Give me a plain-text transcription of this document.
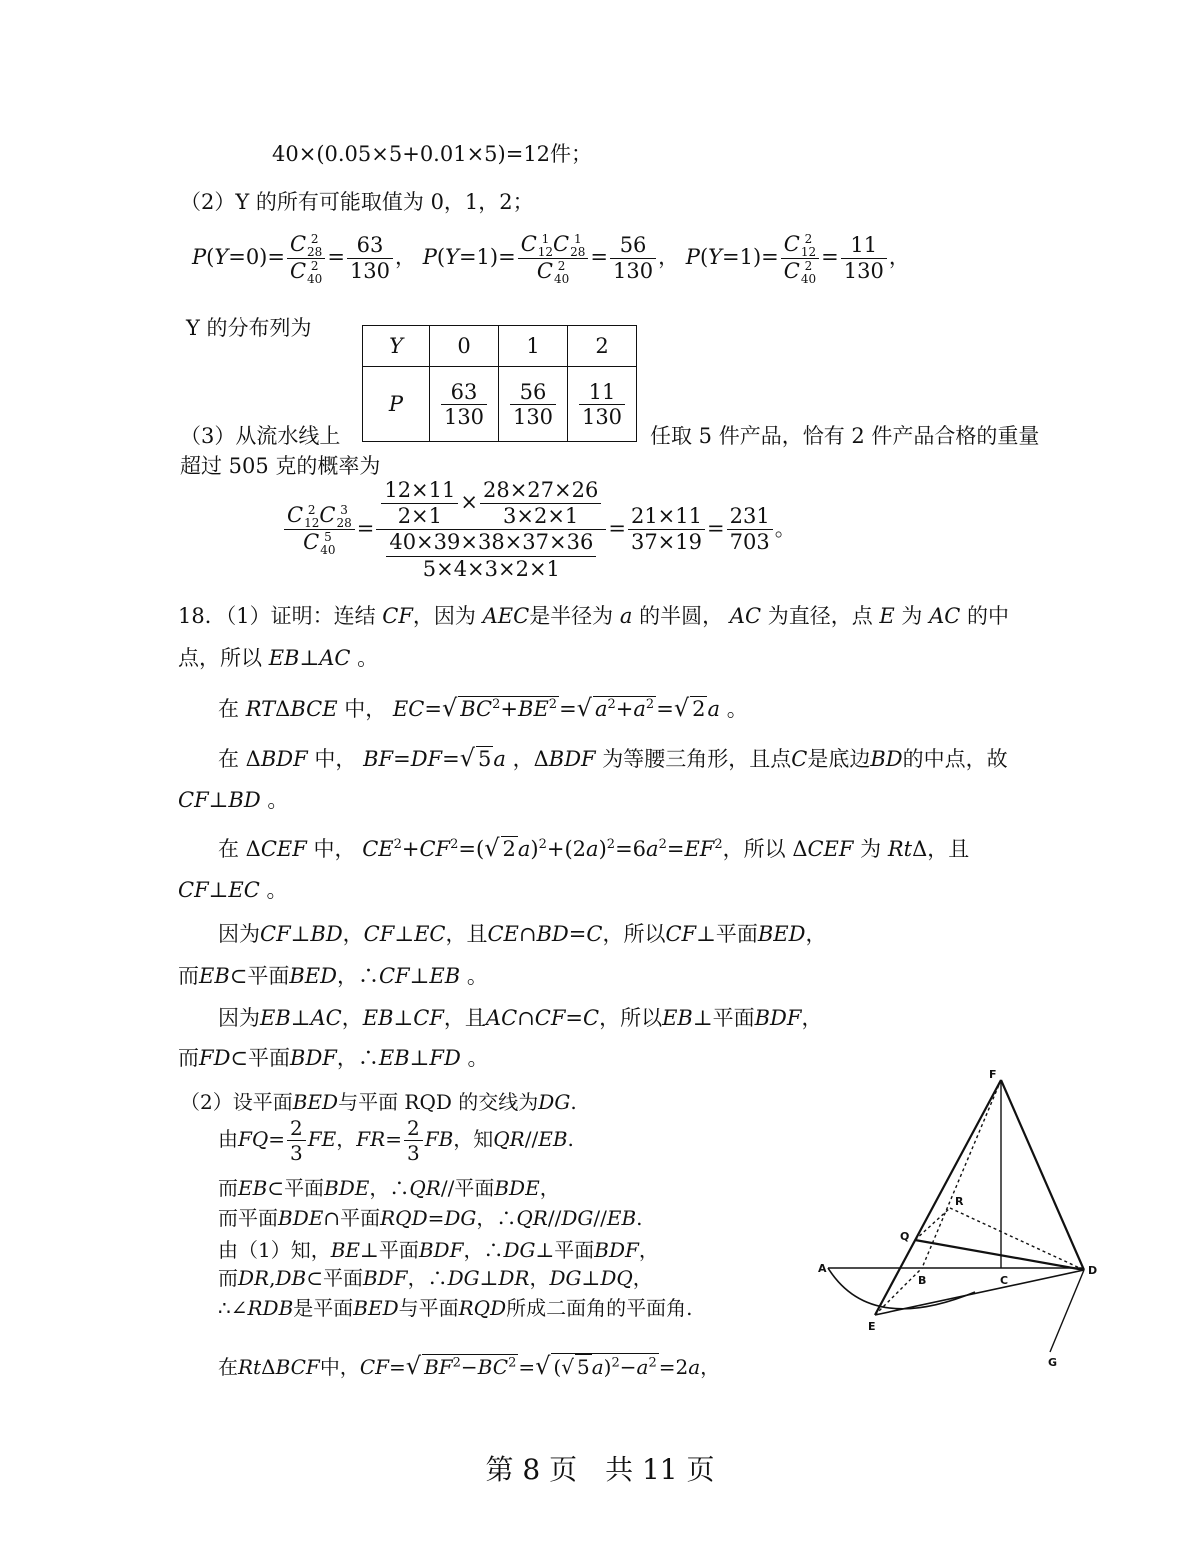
40×(0.05×5+0.01×5)=12件；
（2）Y 的所有可能取值为 0，1，2；
P(Y=0)= C 2
28
C 2
$40 = \frac{63}{130}$ ， P(Y=1)= C 1
12 C 1
28
C 2
$40 = \frac{56}{130}$ ， P(Y=1)= C 2
12
C 2
$40 = \frac{11}{130}$ ，
Y 的分布列为
Y	0	1	2
P	$\frac{63}{130}$	$\frac{56}{130}$	$\frac{11}{130}$
（3）从流水线上	任取 5 件产品，恰有 2 件产品合格的重量
超过 505 克的概率为
C 2
12 C 3
28
C 5
$40 = \frac{\frac{12\times 11}{2\times 1} \times \frac{28\times 27\times 26}{3\times 2\times 1}}{\frac{40\times 39\times 38\times 37\times 36}{5\times 4\times 3\times 2\times 1}} = \frac{21\times 11}{37\times 19} = \frac{231}{703}$ 。
18．（1）证明：连结 CF，因为 AEC是半径为 a 的半圆， AC 为直径，点 E 为 AC 的中
点，所以 EB⊥AC 。
在 RTΔBCE 中， EC=√ $BC^2+BE^2=√$ $a^2+a^2=√$ 2a 。
在 ΔBDF 中， BF=DF=√ 5a ，ΔBDF 为等腰三角形，且点C是底边BD的中点，故
CF⊥BD 。
在 ΔCEF 中， $CE^2+CF^2=(√$ $2a)^2+(2a)^2=6a^2=EF^2$，所以 ΔCEF 为 RtΔ，且
CF⊥EC 。
因为CF⊥BD，CF⊥EC，且CE∩BD=C，所以CF⊥平面BED，
而EB⊂平面BED，∴CF⊥EB 。
因为EB⊥AC，EB⊥CF，且AC∩CF=C，所以EB⊥平面BDF，
而FD⊂平面BDF，∴EB⊥FD 。
（2）设平面BED与平面 RQD 的交线为DG.
由$FQ= \frac{2}{3}$ FE，$FR= \frac{2}{3}$ FB，知QR//EB.
而EB⊂平面BDE，∴QR//平面BDE，
而平面BDE∩平面RQD=DG，∴QR//DG//EB.
由（1）知，BE⊥平面BDF，∴DG⊥平面BDF，
而DR,DB⊂平面BDF，∴DG⊥DR，DG⊥DQ，
∴∠RDB是平面BED与平面RQD所成二面角的平面角.
在RtΔBCF中，CF=√ $BF^2-BC^2$ =√ (√ 5 $a)^2-a^2 =2a$，
F
R
Q
A
B	C
D
E
G
第 8 页　共 11 页
